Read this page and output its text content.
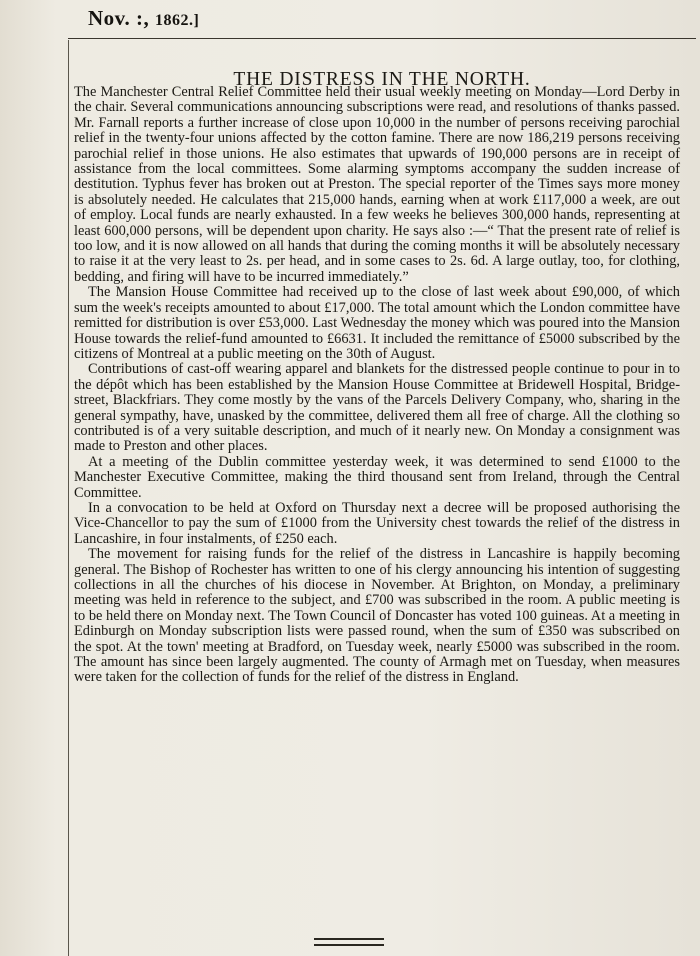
Nov. :, 1862.]
THE DISTRESS IN THE NORTH.

The Manchester Central Relief Committee held their usual weekly meeting on Monday—Lord Derby in the chair. Several communications announcing subscriptions were read, and resolutions of thanks passed. Mr. Farnall reports a further increase of close upon 10,000 in the number of persons receiving parochial relief in the twenty-four unions affected by the cotton famine. There are now 186,219 persons receiving parochial relief in those unions. He also estimates that upwards of 190,000 persons are in receipt of assistance from the local committees. Some alarming symptoms accompany the sudden increase of destitution. Typhus fever has broken out at Preston. The special reporter of the Times says more money is absolutely needed. He calculates that 215,000 hands, earning when at work £117,000 a week, are out of employ. Local funds are nearly exhausted. In a few weeks he believes 300,000 hands, representing at least 600,000 persons, will be dependent upon charity. He says also :—“ That the present rate of relief is too low, and it is now allowed on all hands that during the coming months it will be absolutely necessary to raise it at the very least to 2s. per head, and in some cases to 2s. 6d. A large outlay, too, for clothing, bedding, and firing will have to be incurred immediately.”

The Mansion House Committee had received up to the close of last week about £90,000, of which sum the week's receipts amounted to about £17,000. The total amount which the London committee have remitted for distribution is over £53,000. Last Wednesday the money which was poured into the Mansion House towards the relief-fund amounted to £6631. It included the remittance of £5000 subscribed by the citizens of Montreal at a public meeting on the 30th of August.

Contributions of cast-off wearing apparel and blankets for the distressed people continue to pour in to the dépôt which has been established by the Mansion House Committee at Bridewell Hospital, Bridge-street, Blackfriars. They come mostly by the vans of the Parcels Delivery Company, who, sharing in the general sympathy, have, unasked by the committee, delivered them all free of charge. All the clothing so contributed is of a very suitable description, and much of it nearly new. On Monday a consignment was made to Preston and other places.

At a meeting of the Dublin committee yesterday week, it was determined to send £1000 to the Manchester Executive Committee, making the third thousand sent from Ireland, through the Central Committee.

In a convocation to be held at Oxford on Thursday next a decree will be proposed authorising the Vice-Chancellor to pay the sum of £1000 from the University chest towards the relief of the distress in Lancashire, in four instalments, of £250 each.

The movement for raising funds for the relief of the distress in Lancashire is happily becoming general. The Bishop of Rochester has written to one of his clergy announcing his intention of suggesting collections in all the churches of his diocese in November. At Brighton, on Monday, a preliminary meeting was held in reference to the subject, and £700 was subscribed in the room. A public meeting is to be held there on Monday next. The Town Council of Doncaster has voted 100 guineas. At a meeting in Edinburgh on Monday subscription lists were passed round, when the sum of £350 was subscribed on the spot. At the town' meeting at Bradford, on Tuesday week, nearly £5000 was subscribed in the room. The amount has since been largely augmented. The county of Armagh met on Tuesday, when measures were taken for the collection of funds for the relief of the distress in England.
